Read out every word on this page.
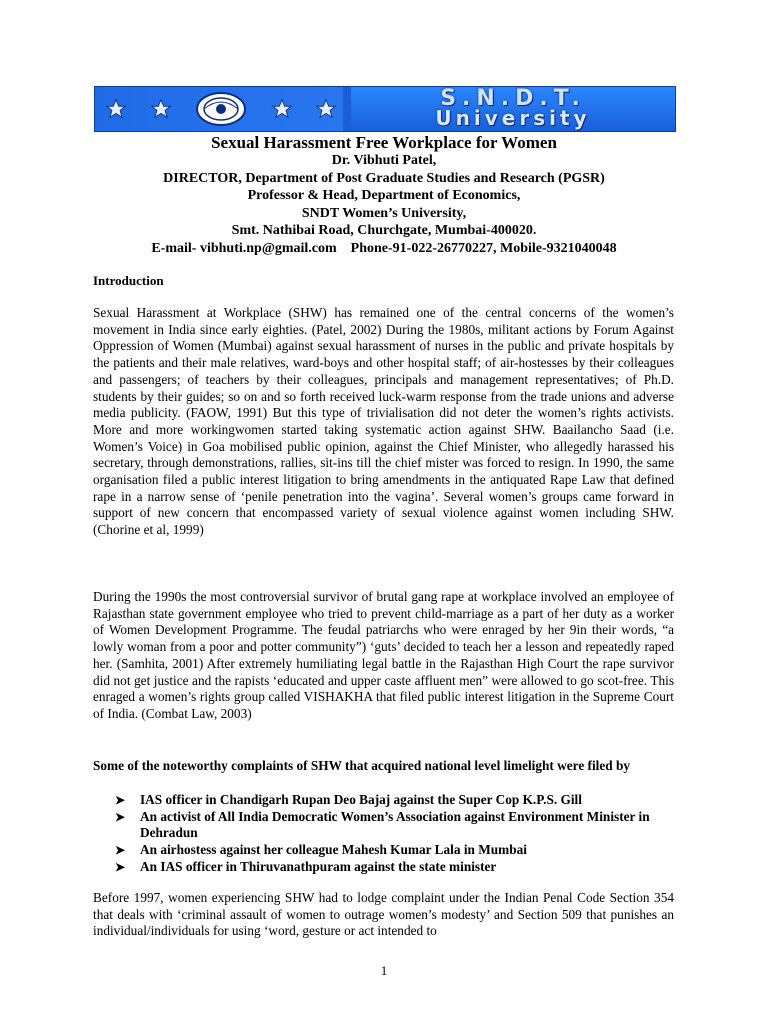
S.N.D.T.
University
Sexual Harassment Free Workplace for Women
Dr. Vibhuti Patel,
DIRECTOR, Department of Post Graduate Studies and Research (PGSR)
Professor & Head, Department of Economics,
SNDT Women’s University,
Smt. Nathibai Road, Churchgate, Mumbai-400020.
E-mail- vibhuti.np@gmail.com    Phone-91-022-26770227, Mobile-9321040048
Introduction
Sexual Harassment at Workplace (SHW) has remained one of the central concerns of the women’s movement in India since early eighties. (Patel, 2002) During the 1980s, militant actions by Forum Against Oppression of Women (Mumbai) against sexual harassment of nurses in the public and private hospitals by the patients and their male relatives, ward-boys and other hospital staff; of air-hostesses by their colleagues and passengers; of teachers by their colleagues, principals and management representatives; of Ph.D. students by their guides; so on and so forth received luck-warm response from the trade unions and adverse media publicity. (FAOW, 1991) But this type of trivialisation did not deter the women’s rights activists. More and more workingwomen started taking systematic action against SHW. Baailancho Saad (i.e. Women’s Voice) in Goa mobilised public opinion, against the Chief Minister, who allegedly harassed his secretary, through demonstrations, rallies, sit-ins till the chief mister was forced to resign. In 1990, the same organisation filed a public interest litigation to bring amendments in the antiquated Rape Law that defined rape in a narrow sense of ‘penile penetration into the vagina’. Several women’s groups came forward in support of new concern that encompassed variety of sexual violence against women including SHW. (Chorine et al, 1999)
During the 1990s the most controversial survivor of brutal gang rape at workplace involved an employee of Rajasthan state government employee who tried to prevent child-marriage as a part of her duty as a worker of Women Development Programme. The feudal patriarchs who were enraged by her 9in their words, “a lowly woman from a poor and potter community”) ‘guts’ decided to teach her a lesson and repeatedly raped her. (Samhita, 2001) After extremely humiliating legal battle in the Rajasthan High Court the rape survivor did not get justice and the rapists ‘educated and upper caste affluent men” were allowed to go scot-free. This enraged a women’s rights group called VISHAKHA that filed public interest litigation in the Supreme Court of India. (Combat Law, 2003)
Some of the noteworthy complaints of SHW that acquired national level limelight were filed by
➤ IAS officer in Chandigarh Rupan Deo Bajaj against the Super Cop K.P.S. Gill
➤ An activist of All India Democratic Women’s Association against Environment Minister in Dehradun
➤ An airhostess against her colleague Mahesh Kumar Lala in Mumbai
➤ An IAS officer in Thiruvanathpuram against the state minister
Before 1997, women experiencing SHW had to lodge complaint under the Indian Penal Code Section 354 that deals with ‘criminal assault of women to outrage women’s modesty’ and Section 509 that punishes an individual/individuals for using ‘word, gesture or act intended to
1
